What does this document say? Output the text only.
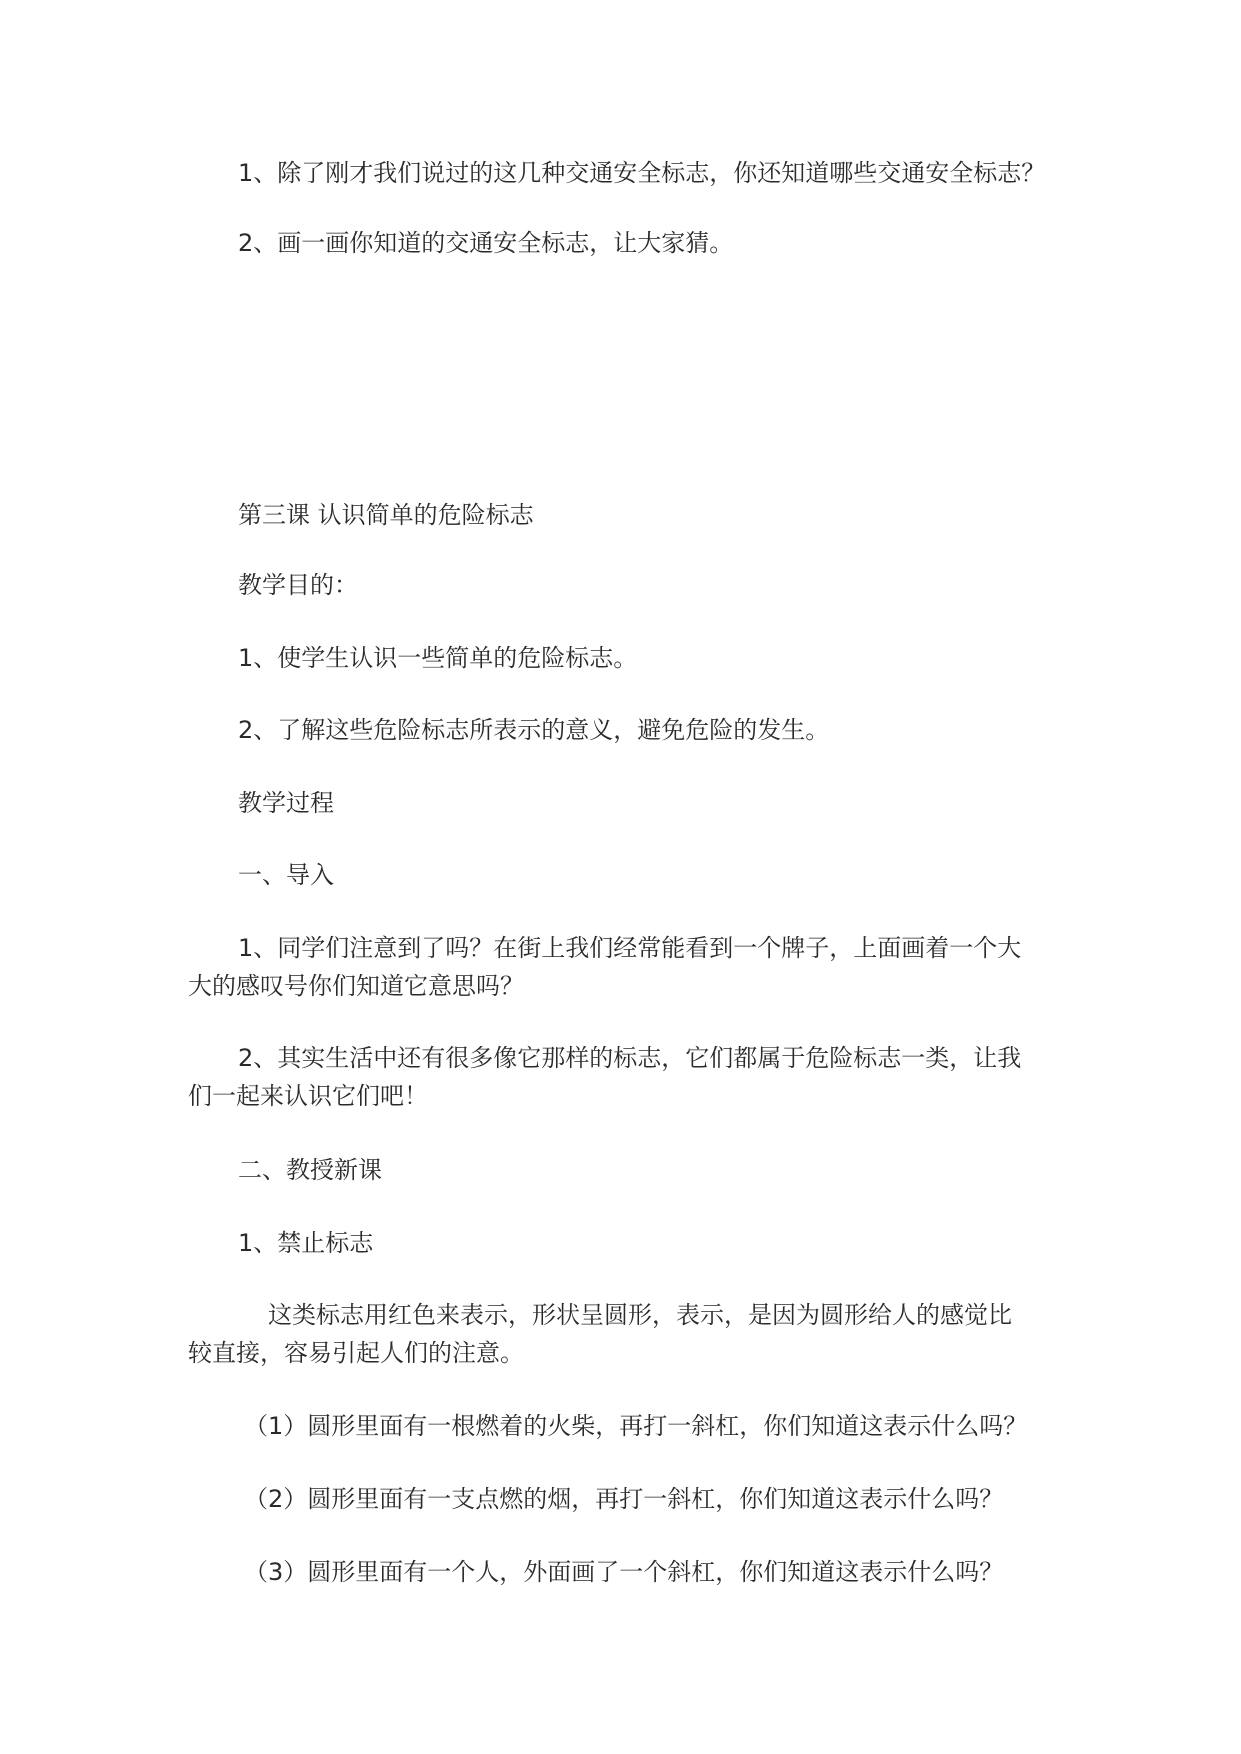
1、除了刚才我们说过的这几种交通安全标志，你还知道哪些交通安全标志？

2、画一画你知道的交通安全标志，让大家猜。

第三课 认识简单的危险标志

教学目的：

1、使学生认识一些简单的危险标志。

2、了解这些危险标志所表示的意义，避免危险的发生。

教学过程

一、导入

1、同学们注意到了吗？在街上我们经常能看到一个牌子，上面画着一个大

大的感叹号你们知道它意思吗？

2、其实生活中还有很多像它那样的标志，它们都属于危险标志一类，让我

们一起来认识它们吧！

二、教授新课

1、禁止标志

这类标志用红色来表示，形状呈圆形，表示，是因为圆形给人的感觉比

较直接，容易引起人们的注意。

（1）圆形里面有一根燃着的火柴，再打一斜杠，你们知道这表示什么吗？

（2）圆形里面有一支点燃的烟，再打一斜杠，你们知道这表示什么吗？

（3）圆形里面有一个人，外面画了一个斜杠，你们知道这表示什么吗？
